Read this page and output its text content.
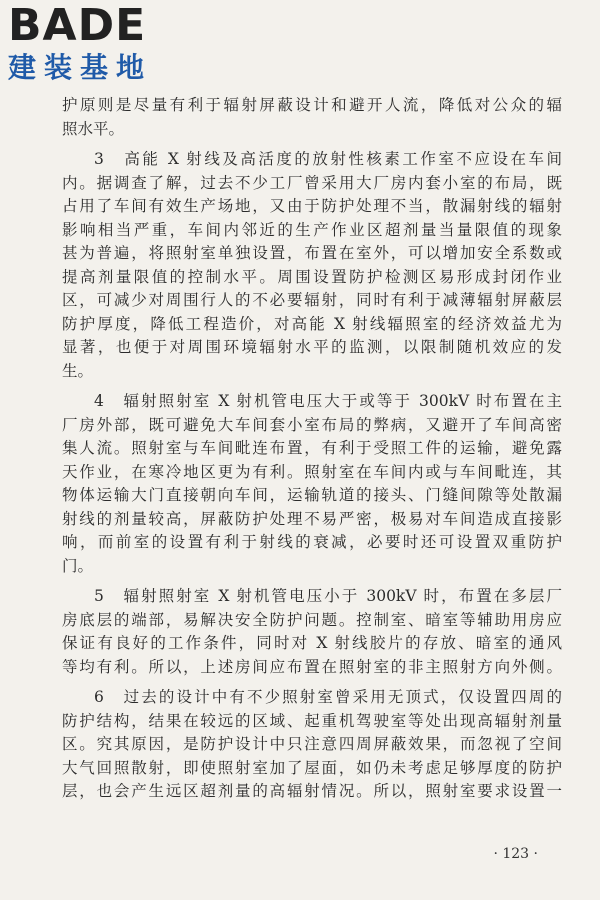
BADE
建装基地
护原则是尽量有利于辐射屏蔽设计和避开人流，降低对公众的辐
照水平。
3　高能 X 射线及高活度的放射性核素工作室不应设在车间
内。据调查了解，过去不少工厂曾采用大厂房内套小室的布局，既
占用了车间有效生产场地，又由于防护处理不当，散漏射线的辐射
影响相当严重，车间内邻近的生产作业区超剂量当量限值的现象
甚为普遍，将照射室单独设置，布置在室外，可以增加安全系数或
提高剂量限值的控制水平。周围设置防护检测区易形成封闭作业
区，可减少对周围行人的不必要辐射，同时有利于减薄辐射屏蔽层
防护厚度，降低工程造价，对高能 X 射线辐照室的经济效益尤为
显著，也便于对周围环境辐射水平的监测，以限制随机效应的发
生。
4　辐射照射室 X 射机管电压大于或等于 300kV 时布置在主
厂房外部，既可避免大车间套小室布局的弊病，又避开了车间高密
集人流。照射室与车间毗连布置，有利于受照工件的运输，避免露
天作业，在寒冷地区更为有利。照射室在车间内或与车间毗连，其
物体运输大门直接朝向车间，运输轨道的接头、门缝间隙等处散漏
射线的剂量较高，屏蔽防护处理不易严密，极易对车间造成直接影
响，而前室的设置有利于射线的衰减，必要时还可设置双重防护
门。
5　辐射照射室 X 射机管电压小于 300kV 时，布置在多层厂
房底层的端部，易解决安全防护问题。控制室、暗室等辅助用房应
保证有良好的工作条件，同时对 X 射线胶片的存放、暗室的通风
等均有利。所以，上述房间应布置在照射室的非主照射方向外侧。
6　过去的设计中有不少照射室曾采用无顶式，仅设置四周的
防护结构，结果在较远的区域、起重机驾驶室等处出现高辐射剂量
区。究其原因，是防护设计中只注意四周屏蔽效果，而忽视了空间
大气回照散射，即使照射室加了屋面，如仍未考虑足够厚度的防护
层，也会产生远区超剂量的高辐射情况。所以，照射室要求设置一
· 123 ·
